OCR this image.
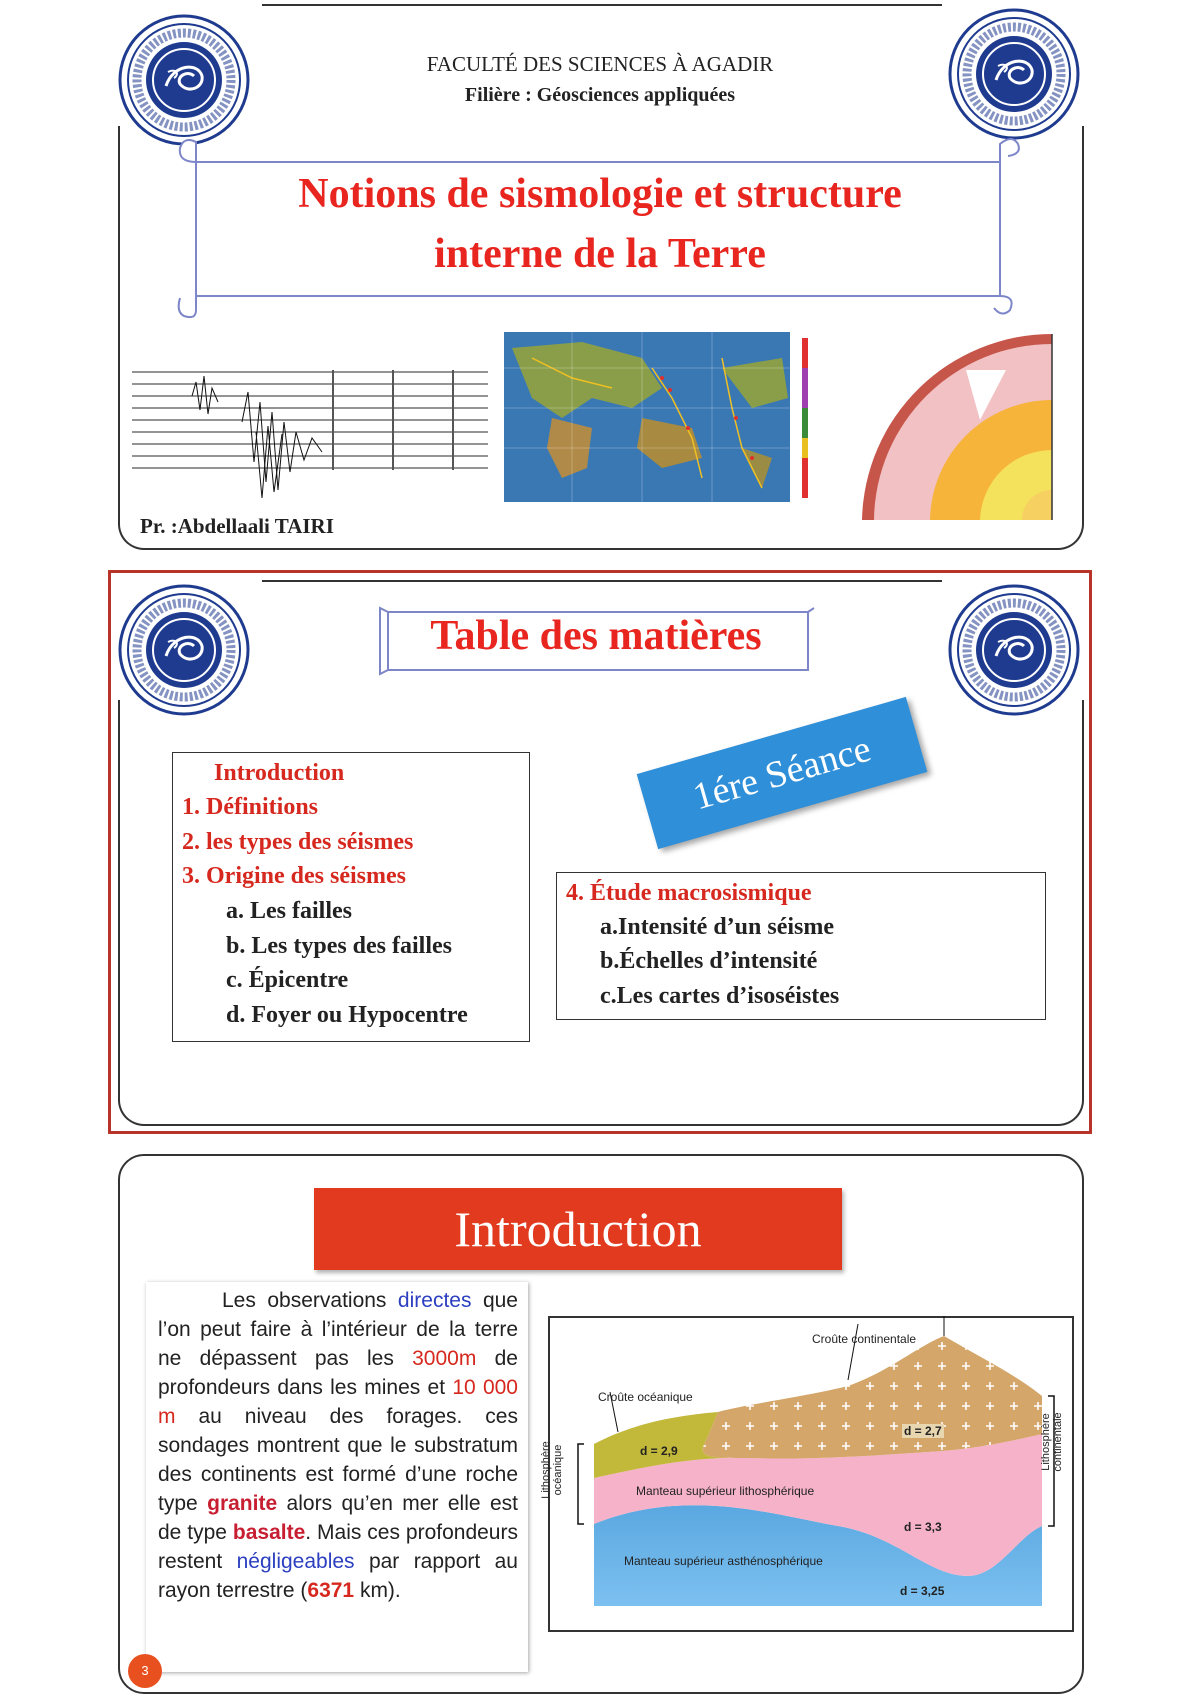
FACULTÉ DES SCIENCES À AGADIR
Filière : Géosciences appliquées
Notions de sismologie et structure
interne de la Terre
Pr. :Abdellaali TAIRI
Table des matières
1ére Séance
Introduction
1. Définitions
2. les types des séismes
3. Origine des séismes
a. Les failles
b. Les types des failles
c. Épicentre
d. Foyer ou Hypocentre
4. Étude macrosismique
a.Intensité d’un séisme
b.Échelles d’intensité
c.Les cartes d’isoséistes
Introduction
Les observations directes que l’on peut faire à l’intérieur de la terre ne dépassent pas les 3000m de profondeurs dans les mines et 10 000 m au niveau des forages. ces sondages montrent que le substratum des continents est formé d’une roche type granite alors qu’en mer elle est de type basalte. Mais ces profondeurs restent négligeables par rapport au rayon terrestre (6371 km).
Croûte continentale
Croûte océanique
d = 2,9
d = 2,7
Manteau supérieur lithosphérique
d = 3,3
Manteau supérieur asthénosphérique
d = 3,25
Lithosphère océanique	Lithosphère continentale
3
